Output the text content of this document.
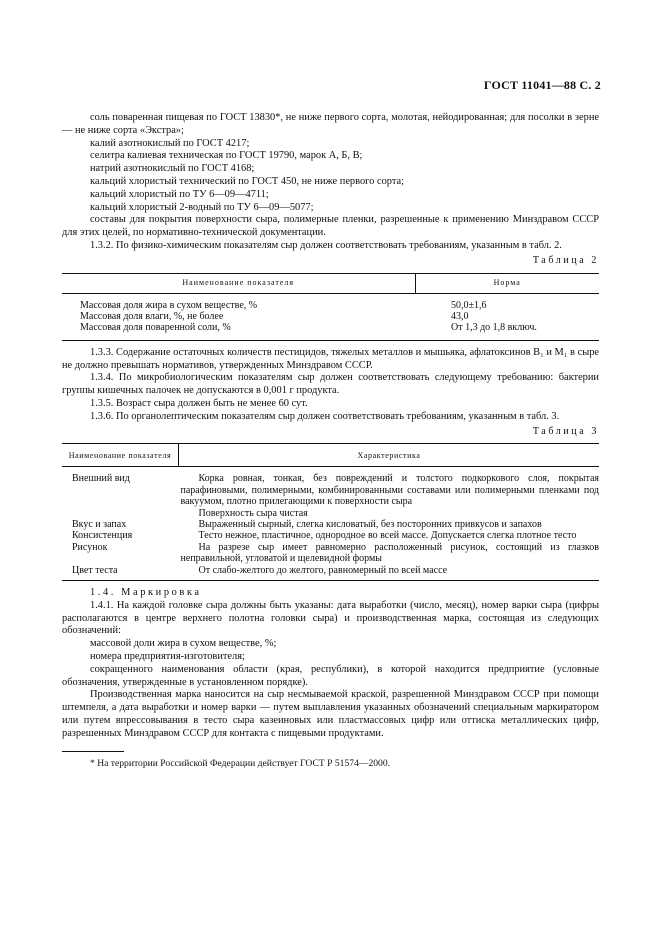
ГОСТ 11041—88 С. 2

соль поваренная пищевая по ГОСТ 13830*, не ниже первого сорта, молотая, нейодированная; для посолки в зерне — не ниже сорта «Экстра»;

калий азотнокислый по ГОСТ 4217;

селитра калиевая техническая по ГОСТ 19790, марок А, Б, В;

натрий азотнокислый по ГОСТ 4168;

кальций хлористый технический по ГОСТ 450, не ниже первого сорта;

кальций хлористый по ТУ 6—09—4711;

кальций хлористый 2-водный по ТУ 6—09—5077;

составы для покрытия поверхности сыра, полимерные пленки, разрешенные к применению Минздравом СССР для этих целей, по нормативно-технической документации.

1.3.2. По физико-химическим показателям сыр должен соответствовать требованиям, указанным в табл. 2.

Таблица 2
Наименование показателя	Норма
Массовая доля жира в сухом веществе, %	50,0±1,6
Массовая доля влаги, %, не более	43,0
Массовая доля поваренной соли, %	От 1,3 до 1,8 включ.

1.3.3. Содержание остаточных количеств пестицидов, тяжелых металлов и мышьяка, афлатоксинов В₁ и М₁ в сыре не должно превышать нормативов, утвержденных Минздравом СССР.

1.3.4. По микробиологическим показателям сыр должен соответствовать следующему требованию: бактерии группы кишечных палочек не допускаются в 0,001 г продукта.

1.3.5. Возраст сыра должен быть не менее 60 сут.

1.3.6. По органолептическим показателям сыр должен соответствовать требованиям, указанным в табл. 3.

Таблица 3
Наименование показателя	Характеристика
Внешний вид	Корка ровная, тонкая, без повреждений и толстого подкоркового слоя, покрытая парафиновыми, полимерными, комбинированными составами или полимерными пленками под вакуумом, плотно прилегающими к поверхности сыра

	Поверхность сыра чистая

Вкус и запах	Выраженный сырный, слегка кисловатый, без посторонних привкусов и запахов

Консистенция	Тесто нежное, пластичное, однородное во всей массе. Допускается слегка плотное тесто

Рисунок	На разрезе сыр имеет равномерно расположенный рисунок, состоящий из глазков неправильной, угловатой и щелевидной формы

Цвет теста	От слабо-желтого до желтого, равномерный по всей массе

1.4. Маркировка

1.4.1. На каждой головке сыра должны быть указаны: дата выработки (число, месяц), номер варки сыра (цифры располагаются в центре верхнего полотна головки сыра) и производственная марка, состоящая из следующих обозначений:

массовой доли жира в сухом веществе, %;

номера предприятия-изготовителя;

сокращенного наименования области (края, республики), в которой находится предприятие (условные обозначения, утвержденные в установленном порядке).

Производственная марка наносится на сыр несмываемой краской, разрешенной Минздравом СССР при помощи штемпеля, а дата выработки и номер варки — путем выплавления указанных обозначений специальным маркиратором или путем впрессовывания в тесто сыра казеиновых или пластмассовых цифр или оттиска металлических цифр, разрешенных Минздравом СССР для контакта с пищевыми продуктами.

* На территории Российской Федерации действует ГОСТ Р 51574—2000.
